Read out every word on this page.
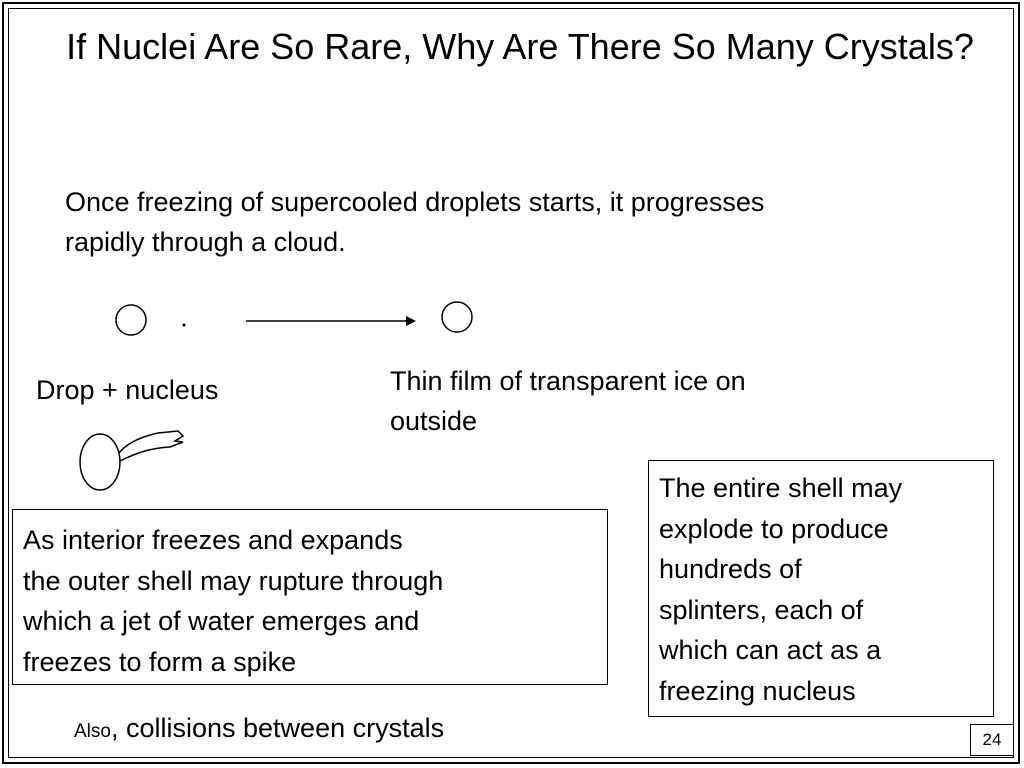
If Nuclei Are So Rare, Why Are There So Many Crystals?
Once freezing of supercooled droplets starts, it progresses rapidly through a cloud.
Drop + nucleus	Thin film of transparent ice on outside
As interior freezes and expands
the outer shell may rupture through
which a jet of water emerges and
freezes to form a spike
The entire shell may
explode to produce
hundreds of
splinters, each of
which can act as a
freezing nucleus
Also, collisions between crystals	24
